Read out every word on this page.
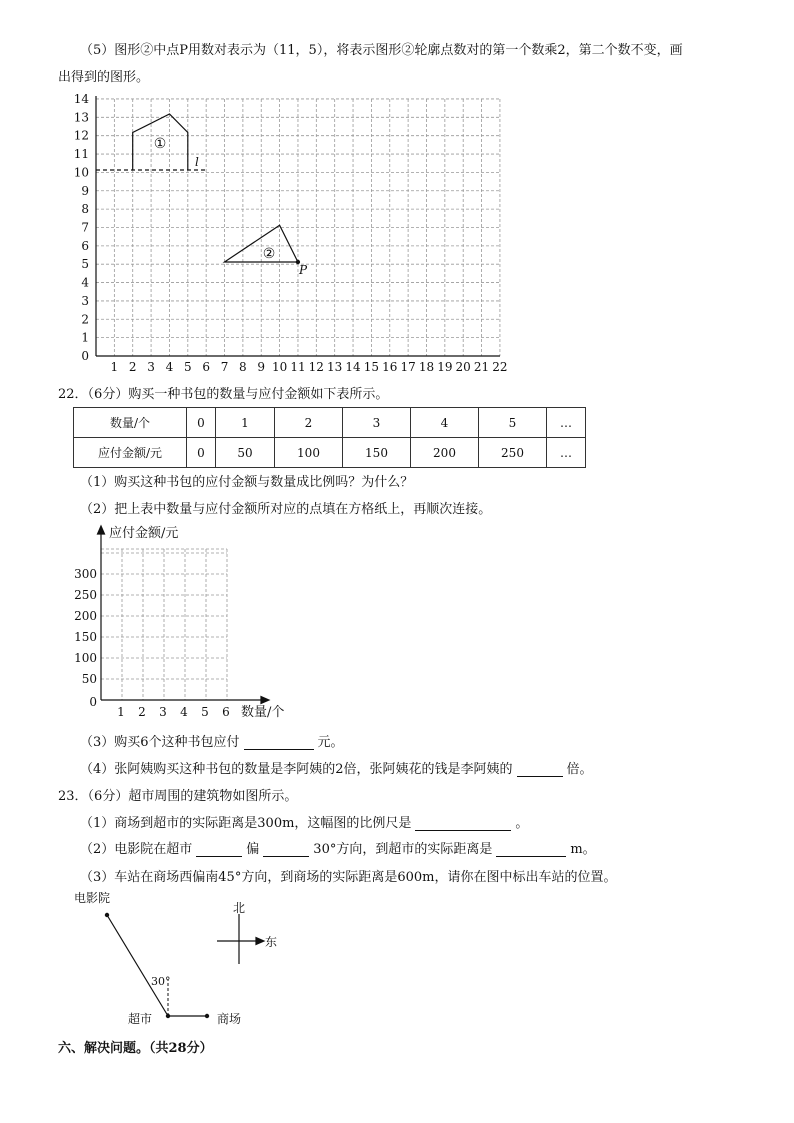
（5）图形②中点P用数对表示为（11，5），将表示图形②轮廓点数对的第一个数乘2，第二个数不变，画
出得到的图形。
14
13
12
11
10
9
8
7
6
5
4
3
2
1
0
1 2 3 4 5 6 7 8 9 10 11 12 13 14 15 16 17 18 19 20 21 22
①
l
②
P
22．（6分）购买一种书包的数量与应付金额如下表所示。
数量/个	0	1	2	3	4	5	…
应付金额/元	0	50	100	150	200	250	…
（1）购买这种书包的应付金额与数量成比例吗？为什么？
（2）把上表中数量与应付金额所对应的点填在方格纸上，再顺次连接。
应付金额/元
数量/个
300
250
200
150
100
50
0
1 2 3 4 5 6
（3）购买6个这种书包应付	元。
（4）张阿姨购买这种书包的数量是李阿姨的2倍，张阿姨花的钱是李阿姨的	倍。
23．（6分）超市周围的建筑物如图所示。
（1）商场到超市的实际距离是300m，这幅图的比例尺是	。
（2）电影院在超市	偏	30°方向，到超市的实际距离是	m。
（3）车站在商场西偏南45°方向，到商场的实际距离是600m，请你在图中标出车站的位置。
电影院
30°
超市	商场
北
东
六、解决问题。（共28分）
